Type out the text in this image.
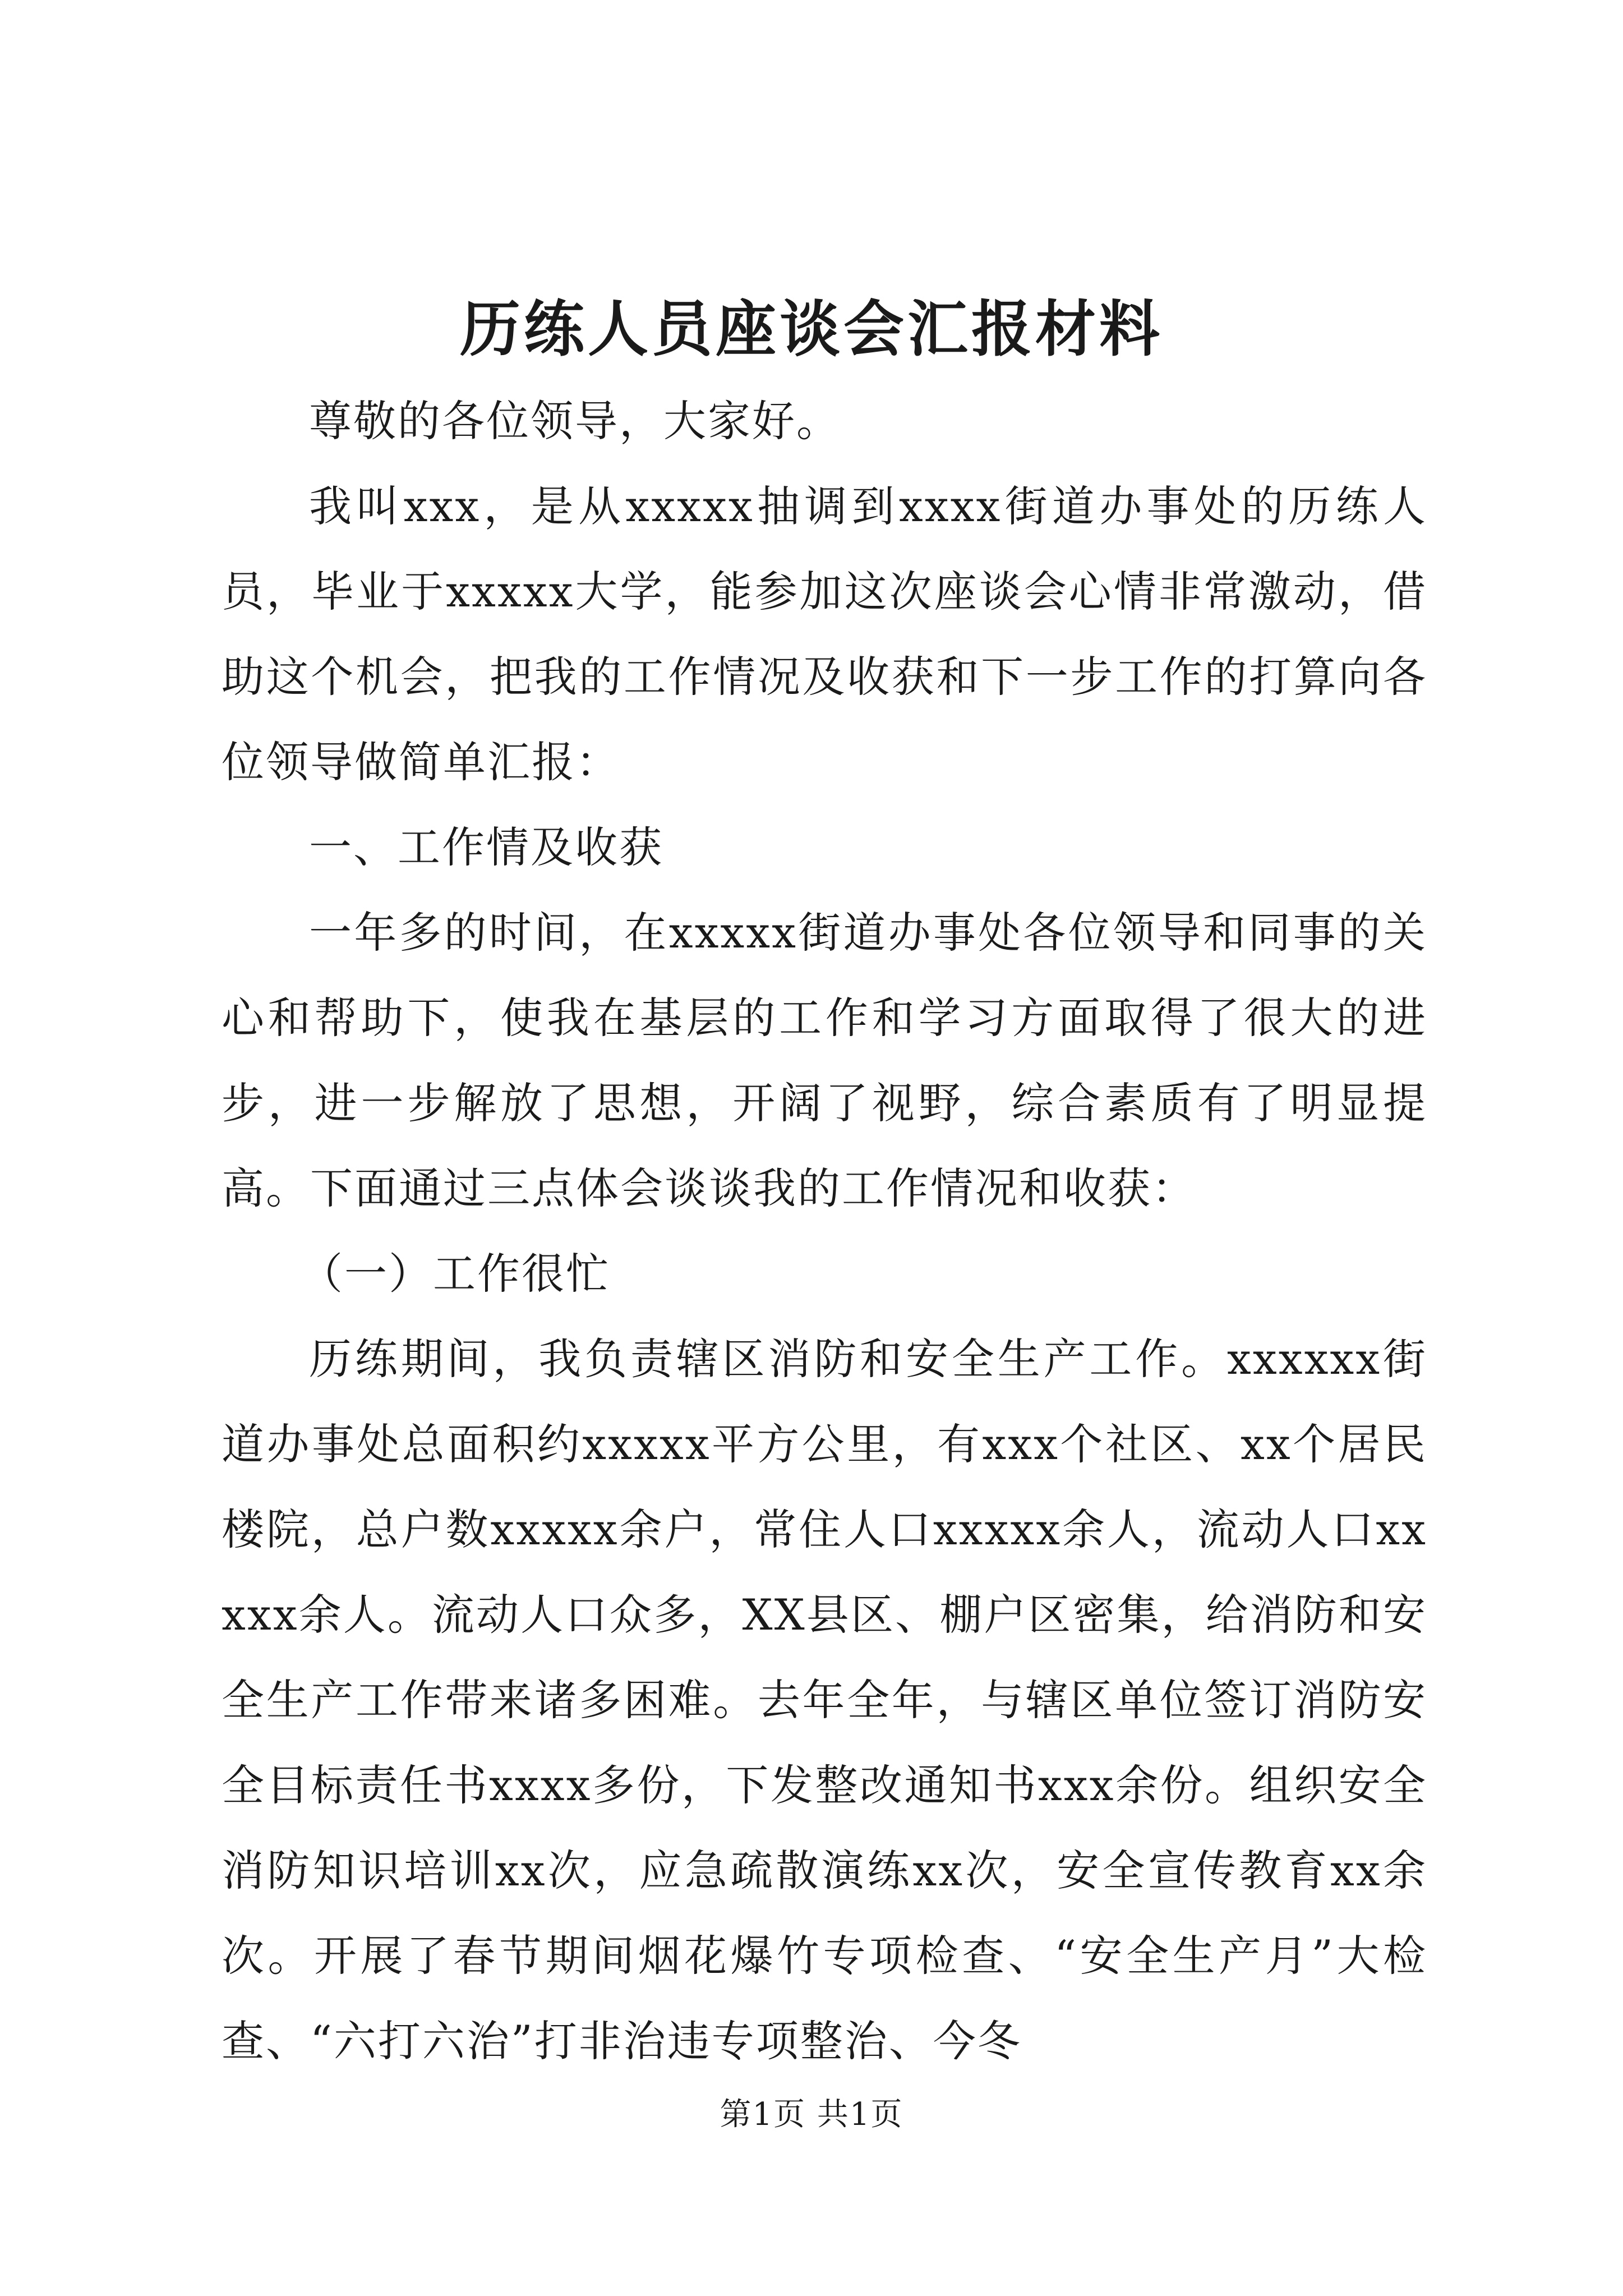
历练人员座谈会汇报材料

尊敬的各位领导，大家好。

我叫xxx，是从xxxxx抽调到xxxx街道办事处的历练人员，毕业于xxxxx大学，能参加这次座谈会心情非常激动，借助这个机会，把我的工作情况及收获和下一步工作的打算向各位领导做简单汇报：

一、工作情及收获

一年多的时间，在xxxxx街道办事处各位领导和同事的关心和帮助下，使我在基层的工作和学习方面取得了很大的进步，进一步解放了思想，开阔了视野，综合素质有了明显提高。下面通过三点体会谈谈我的工作情况和收获：

（一）工作很忙

历练期间，我负责辖区消防和安全生产工作。xxxxxx街道办事处总面积约xxxxx平方公里，有xxx个社区、xx个居民楼院，总户数xxxxx余户，常住人口xxxxx余人，流动人口xxxxx余人。流动人口众多，XX县区、棚户区密集，给消防和安全生产工作带来诸多困难。去年全年，与辖区单位签订消防安全目标责任书xxxx多份，下发整改通知书xxx余份。组织安全消防知识培训xx次，应急疏散演练xx次，安全宣传教育xx余次。开展了春节期间烟花爆竹专项检查、“安全生产月”大检查、“六打六治”打非治违专项整治、今冬

第1页 共1页
